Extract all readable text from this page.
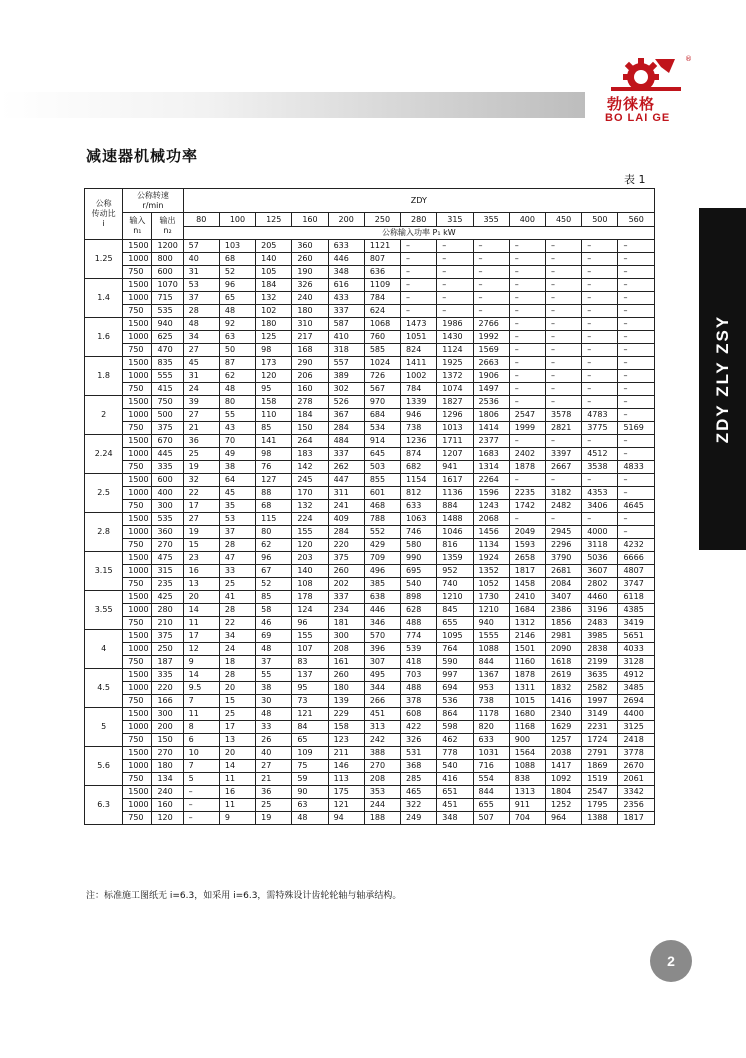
勃徕格
BO LAI GE
®
减速器机械功率
表 1
ZDY ZLY ZSY
公称
传动比
i	公称转速
r/min		ZDY												
	输入
n₁	输出
n₂	80	100	125	160	200	250	280	315	355	400	450	500	560
			公称输入功率 P₁ kW												
1.25	1500	1200	57	103	205	360	633	1121	–	–	–	–	–	–	–
	1000	800	40	68	140	260	446	807	–	–	–	–	–	–	–
	750	600	31	52	105	190	348	636	–	–	–	–	–	–	–
1.4	1500	1070	53	96	184	326	616	1109	–	–	–	–	–	–	–
	1000	715	37	65	132	240	433	784	–	–	–	–	–	–	–
	750	535	28	48	102	180	337	624	–	–	–	–	–	–	–
1.6	1500	940	48	92	180	310	587	1068	1473	1986	2766	–	–	–	–
	1000	625	34	63	125	217	410	760	1051	1430	1992	–	–	–	–
	750	470	27	50	98	168	318	585	824	1124	1569	–	–	–	–
1.8	1500	835	45	87	173	290	557	1024	1411	1925	2663	–	–	–	–
	1000	555	31	62	120	206	389	726	1002	1372	1906	–	–	–	–
	750	415	24	48	95	160	302	567	784	1074	1497	–	–	–	–
2	1500	750	39	80	158	278	526	970	1339	1827	2536	–	–	–	–
	1000	500	27	55	110	184	367	684	946	1296	1806	2547	3578	4783	–
	750	375	21	43	85	150	284	534	738	1013	1414	1999	2821	3775	5169
2.24	1500	670	36	70	141	264	484	914	1236	1711	2377	–	–	–	–
	1000	445	25	49	98	183	337	645	874	1207	1683	2402	3397	4512	–
	750	335	19	38	76	142	262	503	682	941	1314	1878	2667	3538	4833
2.5	1500	600	32	64	127	245	447	855	1154	1617	2264	–	–	–	–
	1000	400	22	45	88	170	311	601	812	1136	1596	2235	3182	4353	–
	750	300	17	35	68	132	241	468	633	884	1243	1742	2482	3406	4645
2.8	1500	535	27	53	115	224	409	788	1063	1488	2068	–	–	–	–
	1000	360	19	37	80	155	284	552	746	1046	1456	2049	2945	4000	–
	750	270	15	28	62	120	220	429	580	816	1134	1593	2296	3118	4232
3.15	1500	475	23	47	96	203	375	709	990	1359	1924	2658	3790	5036	6666
	1000	315	16	33	67	140	260	496	695	952	1352	1817	2681	3607	4807
	750	235	13	25	52	108	202	385	540	740	1052	1458	2084	2802	3747
3.55	1500	425	20	41	85	178	337	638	898	1210	1730	2410	3407	4460	6118
	1000	280	14	28	58	124	234	446	628	845	1210	1684	2386	3196	4385
	750	210	11	22	46	96	181	346	488	655	940	1312	1856	2483	3419
4	1500	375	17	34	69	155	300	570	774	1095	1555	2146	2981	3985	5651
	1000	250	12	24	48	107	208	396	539	764	1088	1501	2090	2838	4033
	750	187	9	18	37	83	161	307	418	590	844	1160	1618	2199	3128
4.5	1500	335	14	28	55	137	260	495	703	997	1367	1878	2619	3635	4912
	1000	220	9.5	20	38	95	180	344	488	694	953	1311	1832	2582	3485
	750	166	7	15	30	73	139	266	378	536	738	1015	1416	1997	2694
5	1500	300	11	25	48	121	229	451	608	864	1178	1680	2340	3149	4400
	1000	200	8	17	33	84	158	313	422	598	820	1168	1629	2231	3125
	750	150	6	13	26	65	123	242	326	462	633	900	1257	1724	2418
5.6	1500	270	10	20	40	109	211	388	531	778	1031	1564	2038	2791	3778
	1000	180	7	14	27	75	146	270	368	540	716	1088	1417	1869	2670
	750	134	5	11	21	59	113	208	285	416	554	838	1092	1519	2061
6.3	1500	240	–	16	36	90	175	353	465	651	844	1313	1804	2547	3342
	1000	160	–	11	25	63	121	244	322	451	655	911	1252	1795	2356
	750	120	–	9	19	48	94	188	249	348	507	704	964	1388	1817
注：标准施工图纸无 i=6.3，如采用 i=6.3，需特殊设计齿轮轮轴与轴承结构。
2
